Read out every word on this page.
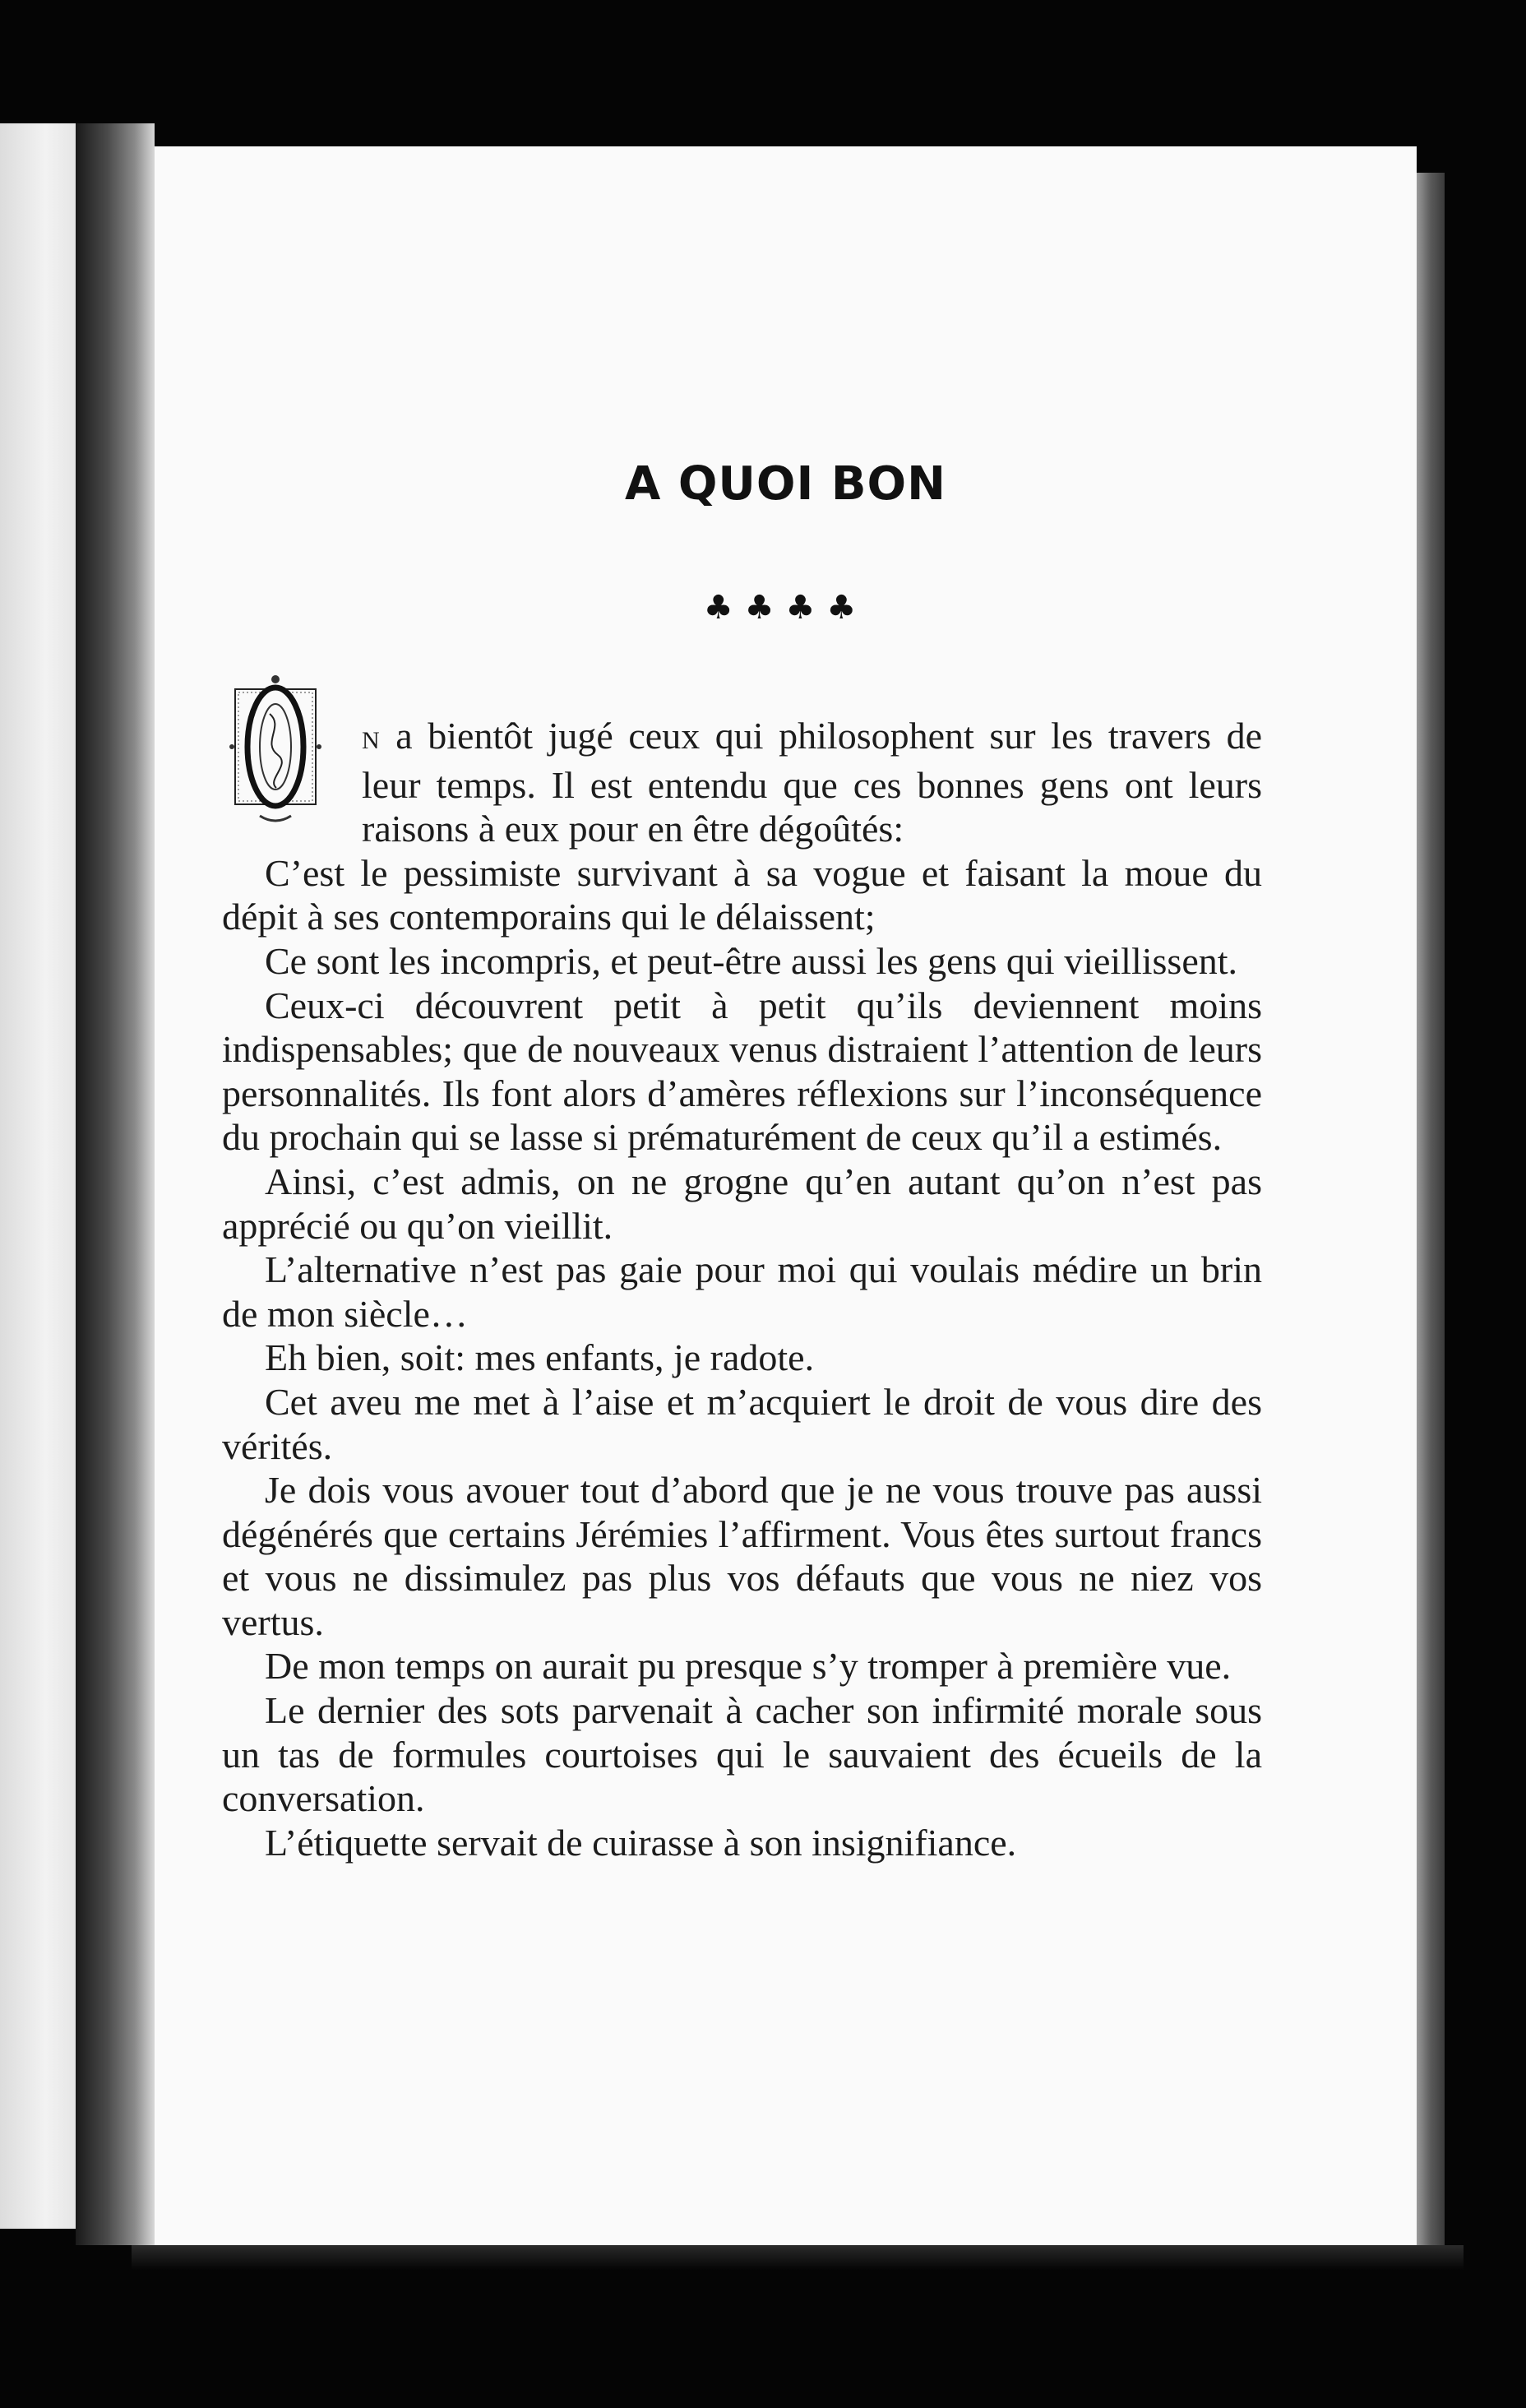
A QUOI BON
♣♣♣♣

N a bientôt jugé ceux qui philosophent sur les travers de leur temps. Il est entendu que ces bonnes gens ont leurs raisons à eux pour en être dégoûtés:

C’est le pessimiste survivant à sa vogue et faisant la moue du dépit à ses contemporains qui le délaissent;

Ce sont les incompris, et peut-être aussi les gens qui vieillissent.

Ceux-ci découvrent petit à petit qu’ils deviennent moins indispensables; que de nouveaux venus distraient l’attention de leurs personnalités. Ils font alors d’amères réflexions sur l’inconséquence du prochain qui se lasse si prématurément de ceux qu’il a estimés.

Ainsi, c’est admis, on ne grogne qu’en autant qu’on n’est pas apprécié ou qu’on vieillit.

L’alternative n’est pas gaie pour moi qui voulais médire un brin de mon siècle…

Eh bien, soit: mes enfants, je radote.

Cet aveu me met à l’aise et m’acquiert le droit de vous dire des vérités.

Je dois vous avouer tout d’abord que je ne vous trouve pas aussi dégénérés que certains Jérémies l’affirment. Vous êtes surtout francs et vous ne dissimulez pas plus vos défauts que vous ne niez vos vertus.

De mon temps on aurait pu presque s’y tromper à première vue.

Le dernier des sots parvenait à cacher son infirmité morale sous un tas de formules courtoises qui le sauvaient des écueils de la conversation.

L’étiquette servait de cuirasse à son insignifiance.
